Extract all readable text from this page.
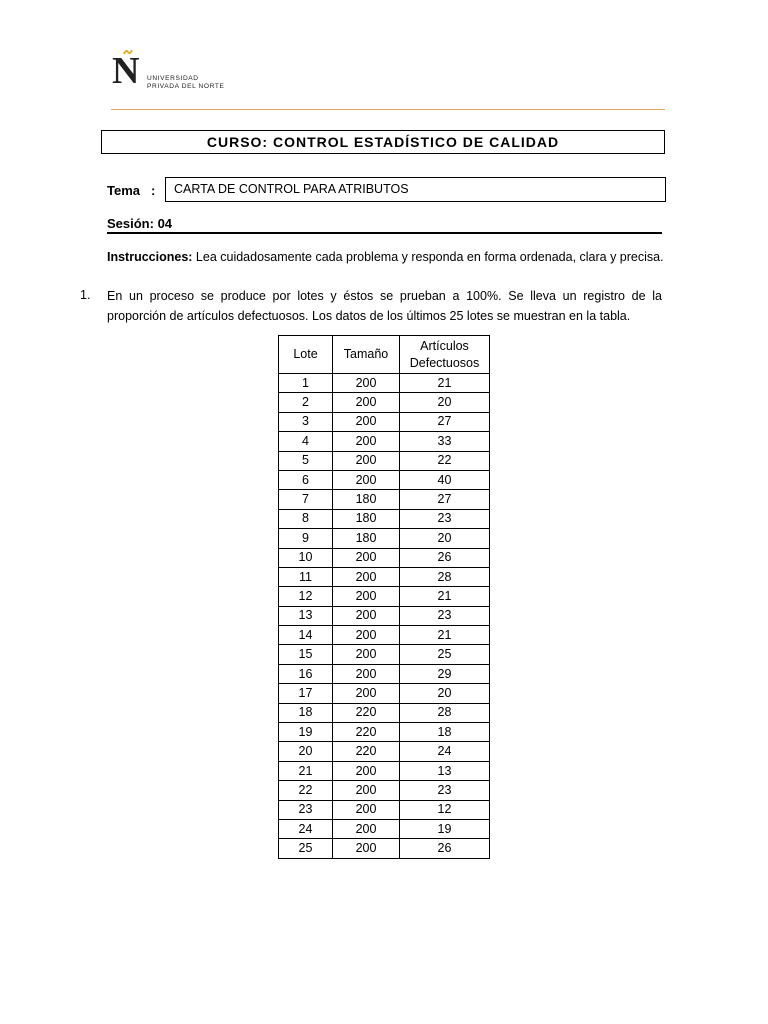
N UNIVERSIDAD
PRIVADA DEL NORTE
CURSO: CONTROL ESTADÍSTICO DE CALIDAD
Tema :	CARTA DE CONTROL PARA ATRIBUTOS
Sesión: 04
Instrucciones: Lea cuidadosamente cada problema y responda en forma ordenada, clara y precisa.
1. En un proceso se produce por lotes y éstos se prueban a 100%. Se lleva un registro de la proporción de artículos defectuosos. Los datos de los últimos 25 lotes se muestran en la tabla.
Lote	Tamaño	Artículos
Defectuosos

1	200	21
2	200	20
3	200	27
4	200	33
5	200	22
6	200	40
7	180	27
8	180	23
9	180	20
10	200	26
11	200	28
12	200	21
13	200	23
14	200	21
15	200	25
16	200	29
17	200	20
18	220	28
19	220	18
20	220	24
21	200	13
22	200	23
23	200	12
24	200	19
25	200	26
